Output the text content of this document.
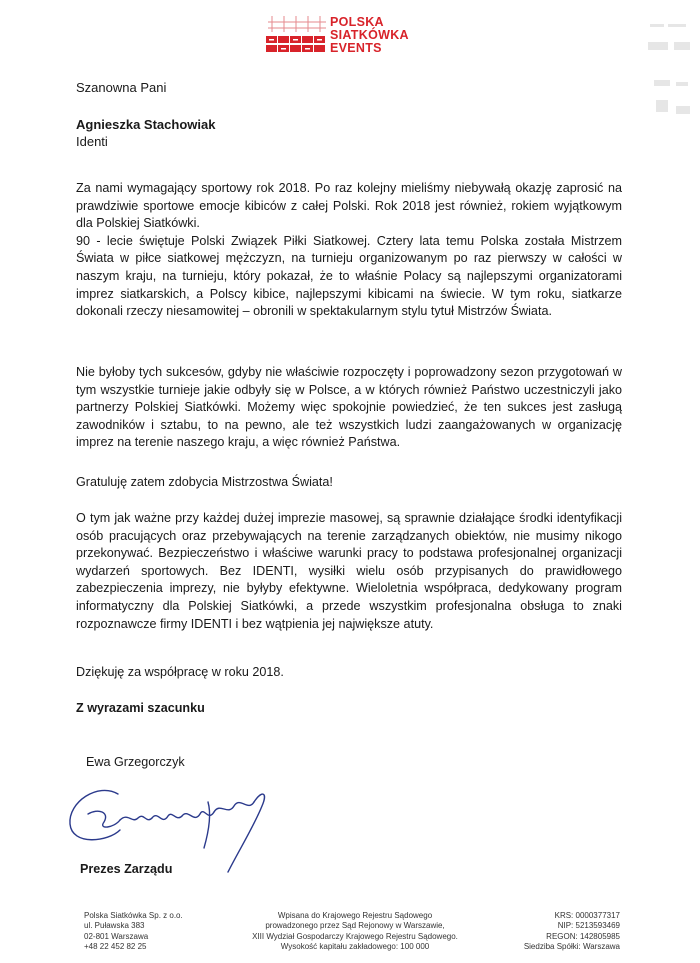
POLSKA
SIATKÓWKA
EVENTS
Szanowna Pani
Agnieszka Stachowiak
Identi

Za nami wymagający sportowy rok 2018. Po raz kolejny mieliśmy niebywałą okazję zaprosić na prawdziwie sportowe emocje kibiców z całej Polski. Rok 2018 jest również, rokiem wyjątkowym dla Polskiej Siatkówki.

90 - lecie świętuje Polski Związek Piłki Siatkowej. Cztery lata temu Polska została Mistrzem Świata w piłce siatkowej mężczyzn, na turnieju organizowanym po raz pierwszy w całości w naszym kraju, na turnieju, który pokazał, że to właśnie Polacy są najlepszymi organizatorami imprez siatkarskich, a Polscy kibice, najlepszymi kibicami na świecie. W tym roku, siatkarze dokonali rzeczy niesamowitej – obronili w spektakularnym stylu tytuł Mistrzów Świata.

Nie byłoby tych sukcesów, gdyby nie właściwie rozpoczęty i poprowadzony sezon przygotowań w tym wszystkie turnieje jakie odbyły się w Polsce, a w których również Państwo uczestniczyli jako partnerzy Polskiej Siatkówki. Możemy więc spokojnie powiedzieć, że ten sukces jest zasługą zawodników i sztabu, to na pewno, ale też wszystkich ludzi zaangażowanych w organizację imprez na terenie naszego kraju, a więc również Państwa.

Gratuluję zatem zdobycia Mistrzostwa Świata!

O tym jak ważne przy każdej dużej imprezie masowej, są sprawnie działające środki identyfikacji osób pracujących oraz przebywających na terenie zarządzanych obiektów, nie musimy nikogo przekonywać. Bezpieczeństwo i właściwe warunki pracy to podstawa profesjonalnej organizacji wydarzeń sportowych. Bez IDENTI, wysiłki wielu osób przypisanych do prawidłowego zabezpieczenia imprezy, nie byłyby efektywne. Wieloletnia współpraca, dedykowany program informatyczny dla Polskiej Siatkówki, a przede wszystkim profesjonalna obsługa to znaki rozpoznawcze firmy IDENTI i bez wątpienia jej największe atuty.

Dziękuję za współpracę w roku 2018.

Z wyrazami szacunku

Ewa Grzegorczyk
Prezes Zarządu
Polska Siatkówka Sp. z o.o.
ul. Puławska 383
02-801 Warszawa
+48 22 452 82 25
Wpisana do Krajowego Rejestru Sądowego
prowadzonego przez Sąd Rejonowy w Warszawie,
XIII Wydział Gospodarczy Krajowego Rejestru Sądowego.
Wysokość kapitału zakładowego: 100 000
KRS: 0000377317
NIP: 5213593469
REGON: 142805985
Siedziba Spółki: Warszawa
